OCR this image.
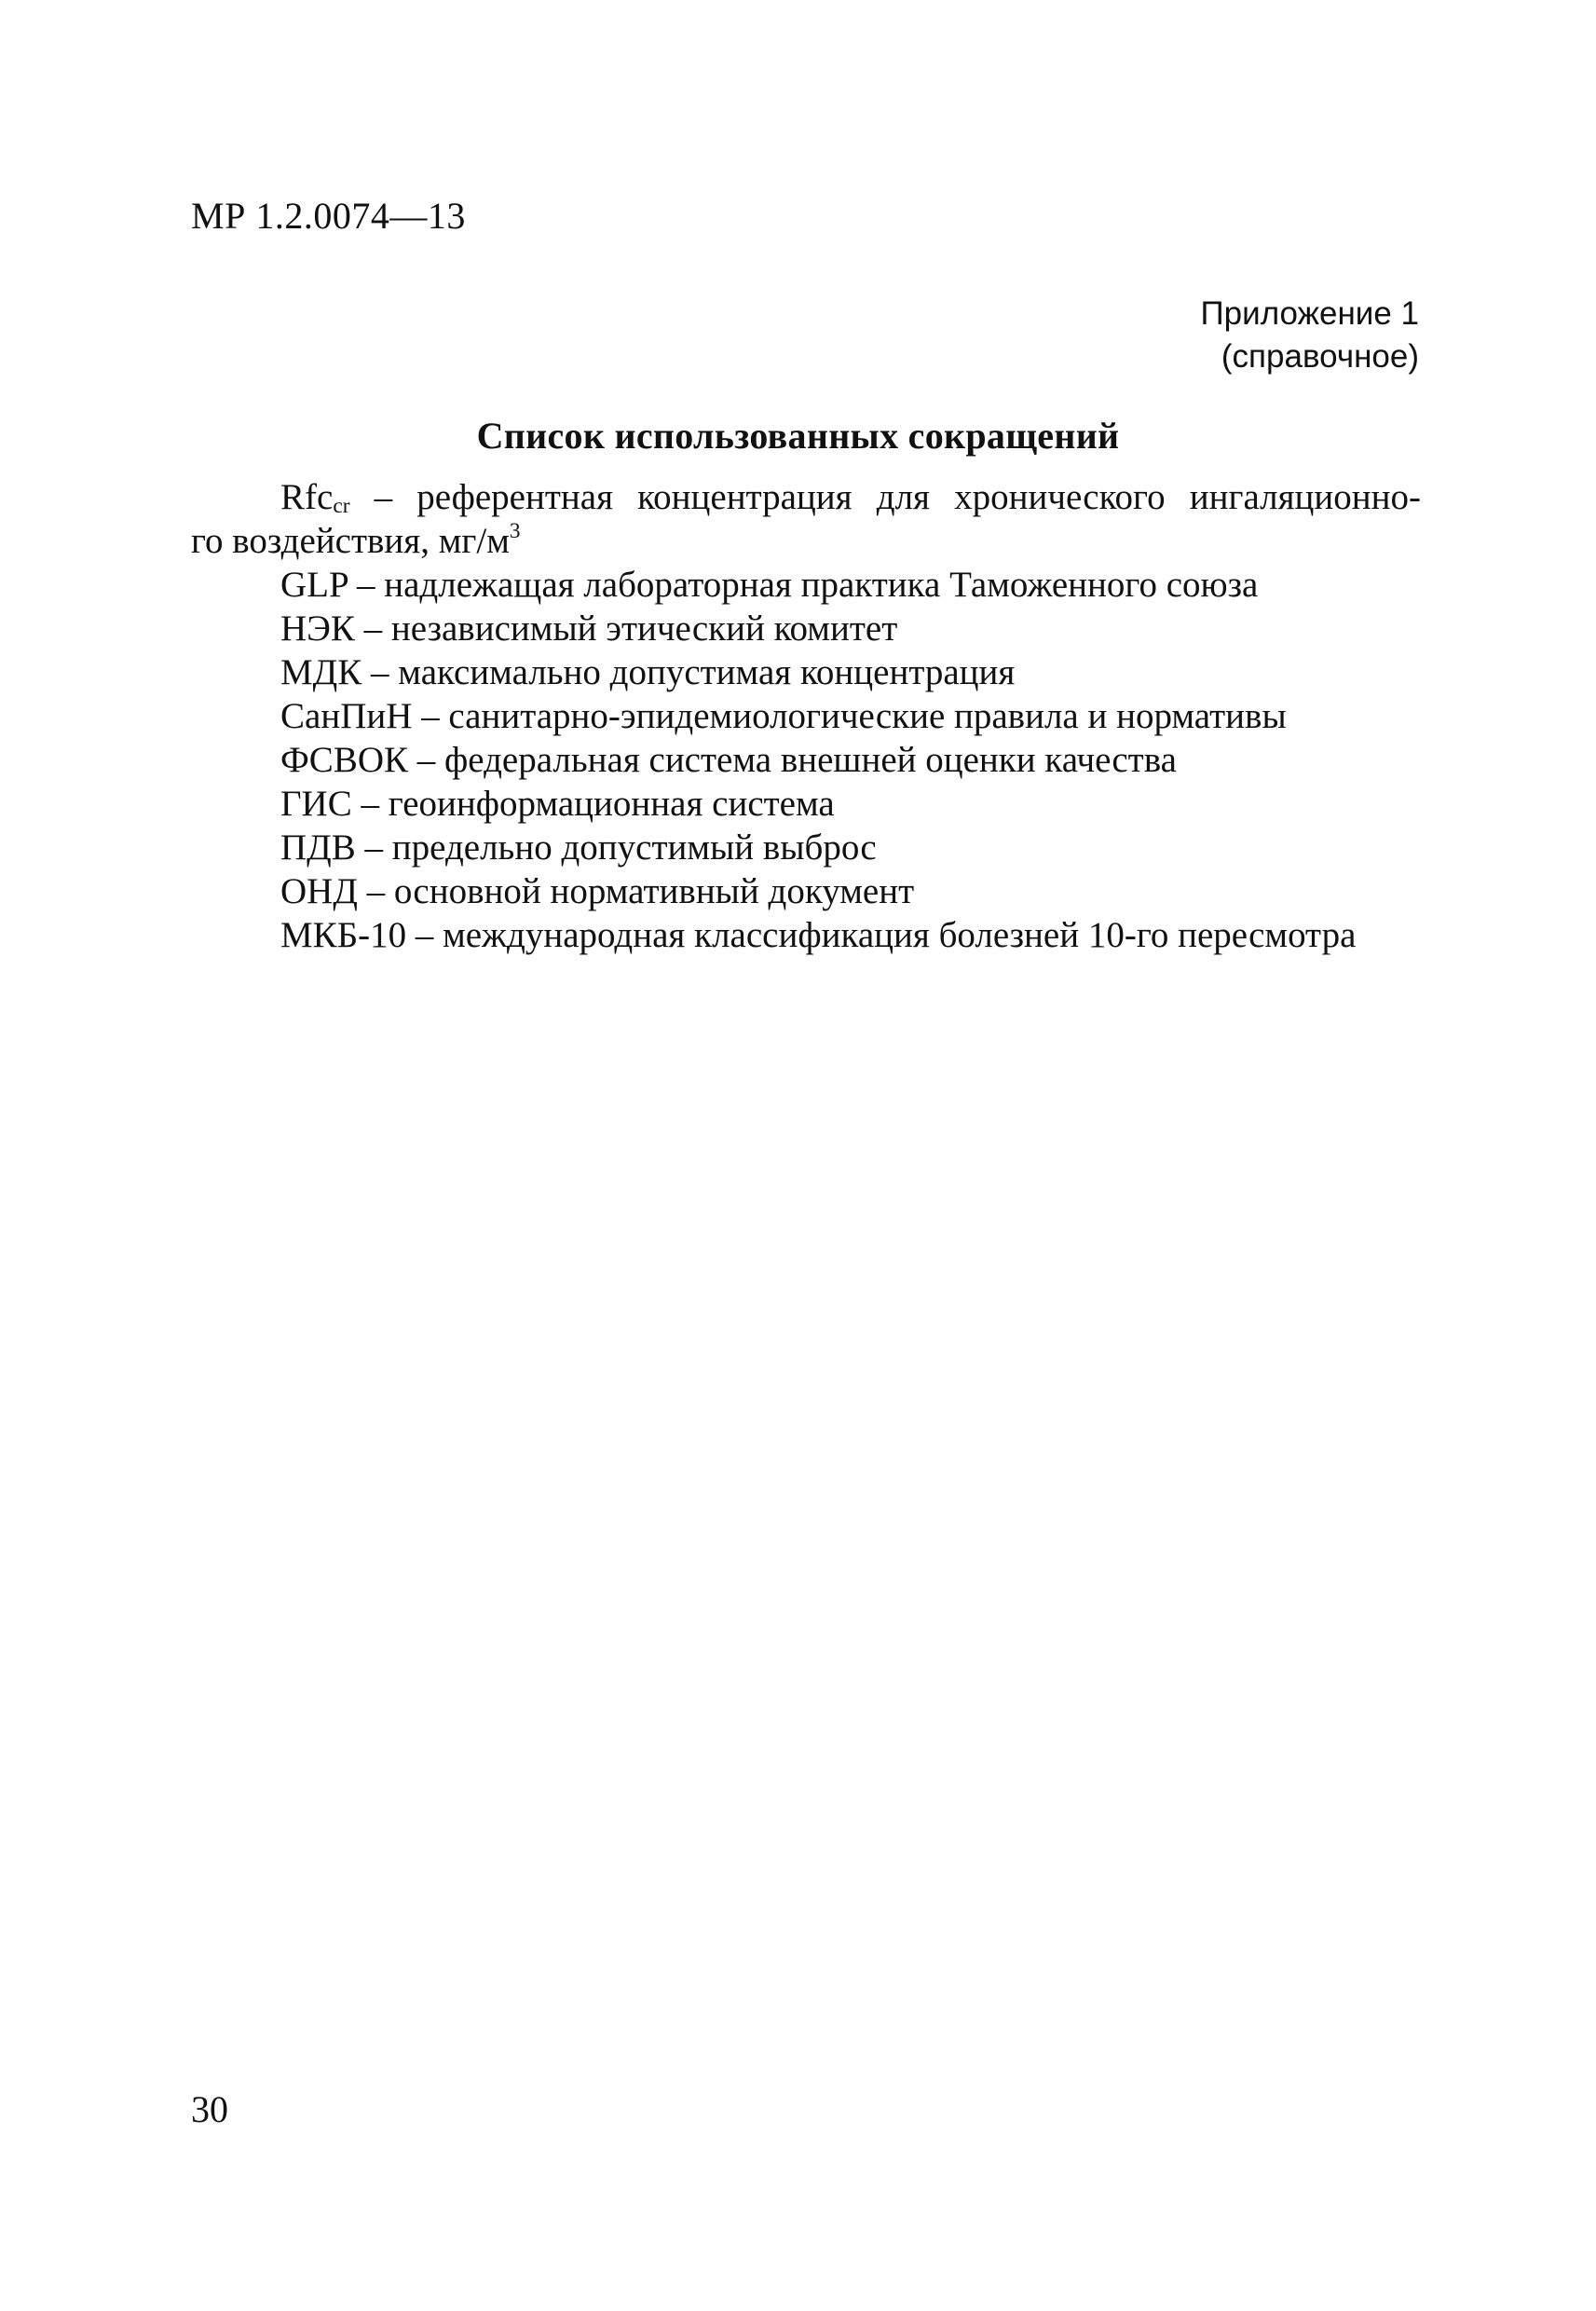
МР 1.2.0074—13
Приложение 1
(справочное)
Список использованных сокращений
Rfc$_{cr}$ – референтная концентрация для хронического ингаляционно-
го воздействия, $мг/м^3$
GLP – надлежащая лабораторная практика Таможенного союза
НЭК – независимый этический комитет
МДК – максимально допустимая концентрация
СанПиН – санитарно-эпидемиологические правила и нормативы
ФСВОК – федеральная система внешней оценки качества
ГИС – геоинформационная система
ПДВ – предельно допустимый выброс
ОНД – основной нормативный документ
МКБ-10 – международная классификация болезней 10-го пересмотра
30
